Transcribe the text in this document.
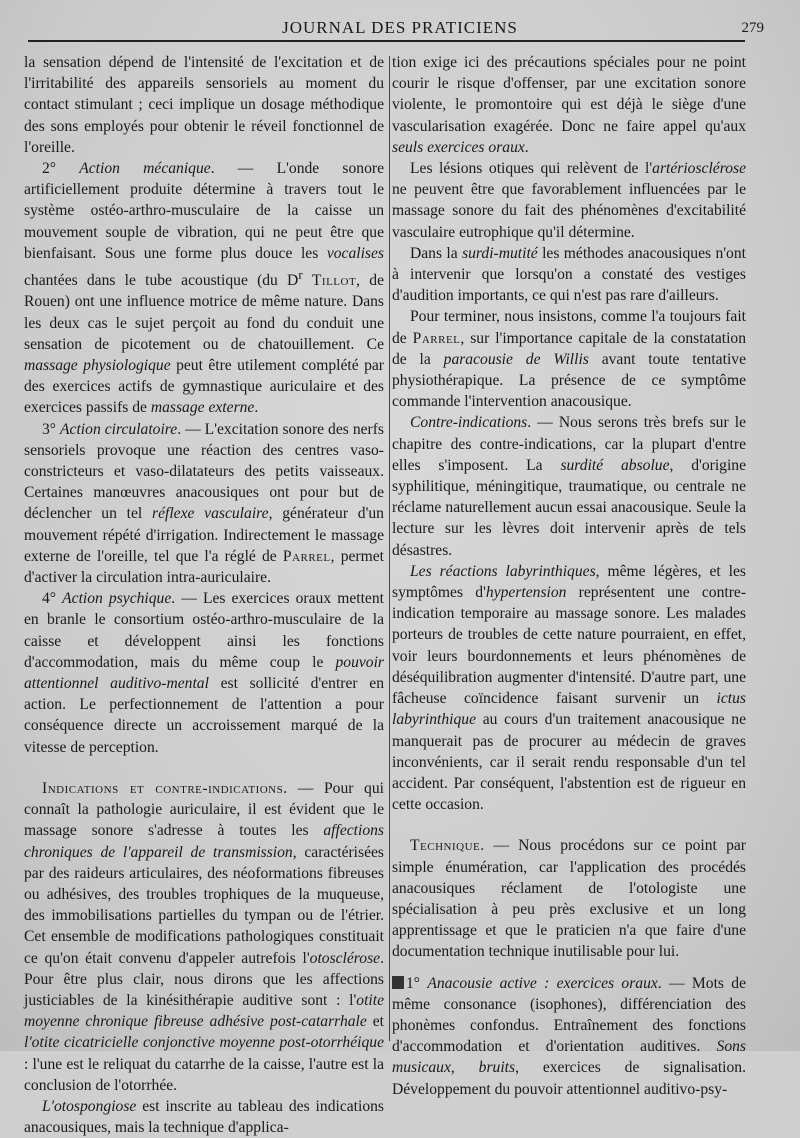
JOURNAL DES PRATICIENS	279

la sensation dépend de l'intensité de l'excitation et de l'irritabilité des appareils sensoriels au moment du contact stimulant ; ceci implique un dosage méthodique des sons employés pour obtenir le réveil fonctionnel de l'oreille.

2° Action mécanique. — L'onde sonore artificiellement produite détermine à travers tout le système ostéo-arthro-musculaire de la caisse un mouvement souple de vibration, qui ne peut être que bienfaisant. Sous une forme plus douce les vocalises chantées dans le tube acoustique (du $D^r$ Tillot, de Rouen) ont une influence motrice de même nature. Dans les deux cas le sujet perçoit au fond du conduit une sensation de picotement ou de chatouillement. Ce massage physiologique peut être utilement complété par des exercices actifs de gymnastique auriculaire et des exercices passifs de massage externe.

3° Action circulatoire. — L'excitation sonore des nerfs sensoriels provoque une réaction des centres vaso-constricteurs et vaso-dilatateurs des petits vaisseaux. Certaines manœuvres anacousiques ont pour but de déclencher un tel réflexe vasculaire, générateur d'un mouvement répété d'irrigation. Indirectement le massage externe de l'oreille, tel que l'a réglé de Parrel, permet d'activer la circulation intra-auriculaire.

4° Action psychique. — Les exercices oraux mettent en branle le consortium ostéo-arthro-musculaire de la caisse et développent ainsi les fonctions d'accommodation, mais du même coup le pouvoir attentionnel auditivo-mental est sollicité d'entrer en action. Le perfectionnement de l'attention a pour conséquence directe un accroissement marqué de la vitesse de perception.

Indications et contre-indications. — Pour qui connaît la pathologie auriculaire, il est évident que le massage sonore s'adresse à toutes les affections chroniques de l'appareil de transmission, caractérisées par des raideurs articulaires, des néoformations fibreuses ou adhésives, des troubles trophiques de la muqueuse, des immobilisations partielles du tympan ou de l'étrier. Cet ensemble de modifications pathologiques constituait ce qu'on était convenu d'appeler autrefois l'otosclérose. Pour être plus clair, nous dirons que les affections justiciables de la kinésithérapie auditive sont : l'otite moyenne chronique fibreuse adhésive post-catarrhale et l'otite cicatricielle conjonctive moyenne post-otorrhéique : l'une est le reliquat du catarrhe de la caisse, l'autre est la conclusion de l'otorrhée.

L'otospongiose est inscrite au tableau des indications anacousiques, mais la technique d'applica-

tion exige ici des précautions spéciales pour ne point courir le risque d'offenser, par une excitation sonore violente, le promontoire qui est déjà le siège d'une vascularisation exagérée. Donc ne faire appel qu'aux seuls exercices oraux.

Les lésions otiques qui relèvent de l'artériosclérose ne peuvent être que favorablement influencées par le massage sonore du fait des phénomènes d'excitabilité vasculaire eutrophique qu'il détermine.

Dans la surdi-mutité les méthodes anacousiques n'ont à intervenir que lorsqu'on a constaté des vestiges d'audition importants, ce qui n'est pas rare d'ailleurs.

Pour terminer, nous insistons, comme l'a toujours fait de Parrel, sur l'importance capitale de la constatation de la paracousie de Willis avant toute tentative physiothérapique. La présence de ce symptôme commande l'intervention anacousique.

Contre-indications. — Nous serons très brefs sur le chapitre des contre-indications, car la plupart d'entre elles s'imposent. La surdité absolue, d'origine syphilitique, méningitique, traumatique, ou centrale ne réclame naturellement aucun essai anacousique. Seule la lecture sur les lèvres doit intervenir après de tels désastres.

Les réactions labyrinthiques, même légères, et les symptômes d'hypertension représentent une contre-indication temporaire au massage sonore. Les malades porteurs de troubles de cette nature pourraient, en effet, voir leurs bourdonnements et leurs phénomènes de déséquilibration augmenter d'intensité. D'autre part, une fâcheuse coïncidence faisant survenir un ictus labyrinthique au cours d'un traitement anacousique ne manquerait pas de procurer au médecin de graves inconvénients, car il serait rendu responsable d'un tel accident. Par conséquent, l'abstention est de rigueur en cette occasion.

Technique. — Nous procédons sur ce point par simple énumération, car l'application des procédés anacousiques réclament de l'otologiste une spécialisation à peu près exclusive et un long apprentissage et que le praticien n'a que faire d'une documentation technique inutilisable pour lui.

1° Anacousie active : exercices oraux. — Mots de même consonance (isophones), différenciation des phonèmes confondus. Entraînement des fonctions d'accommodation et d'orientation auditives. Sons musicaux, bruits, exercices de signalisation. Développement du pouvoir attentionnel auditivo-psy-
